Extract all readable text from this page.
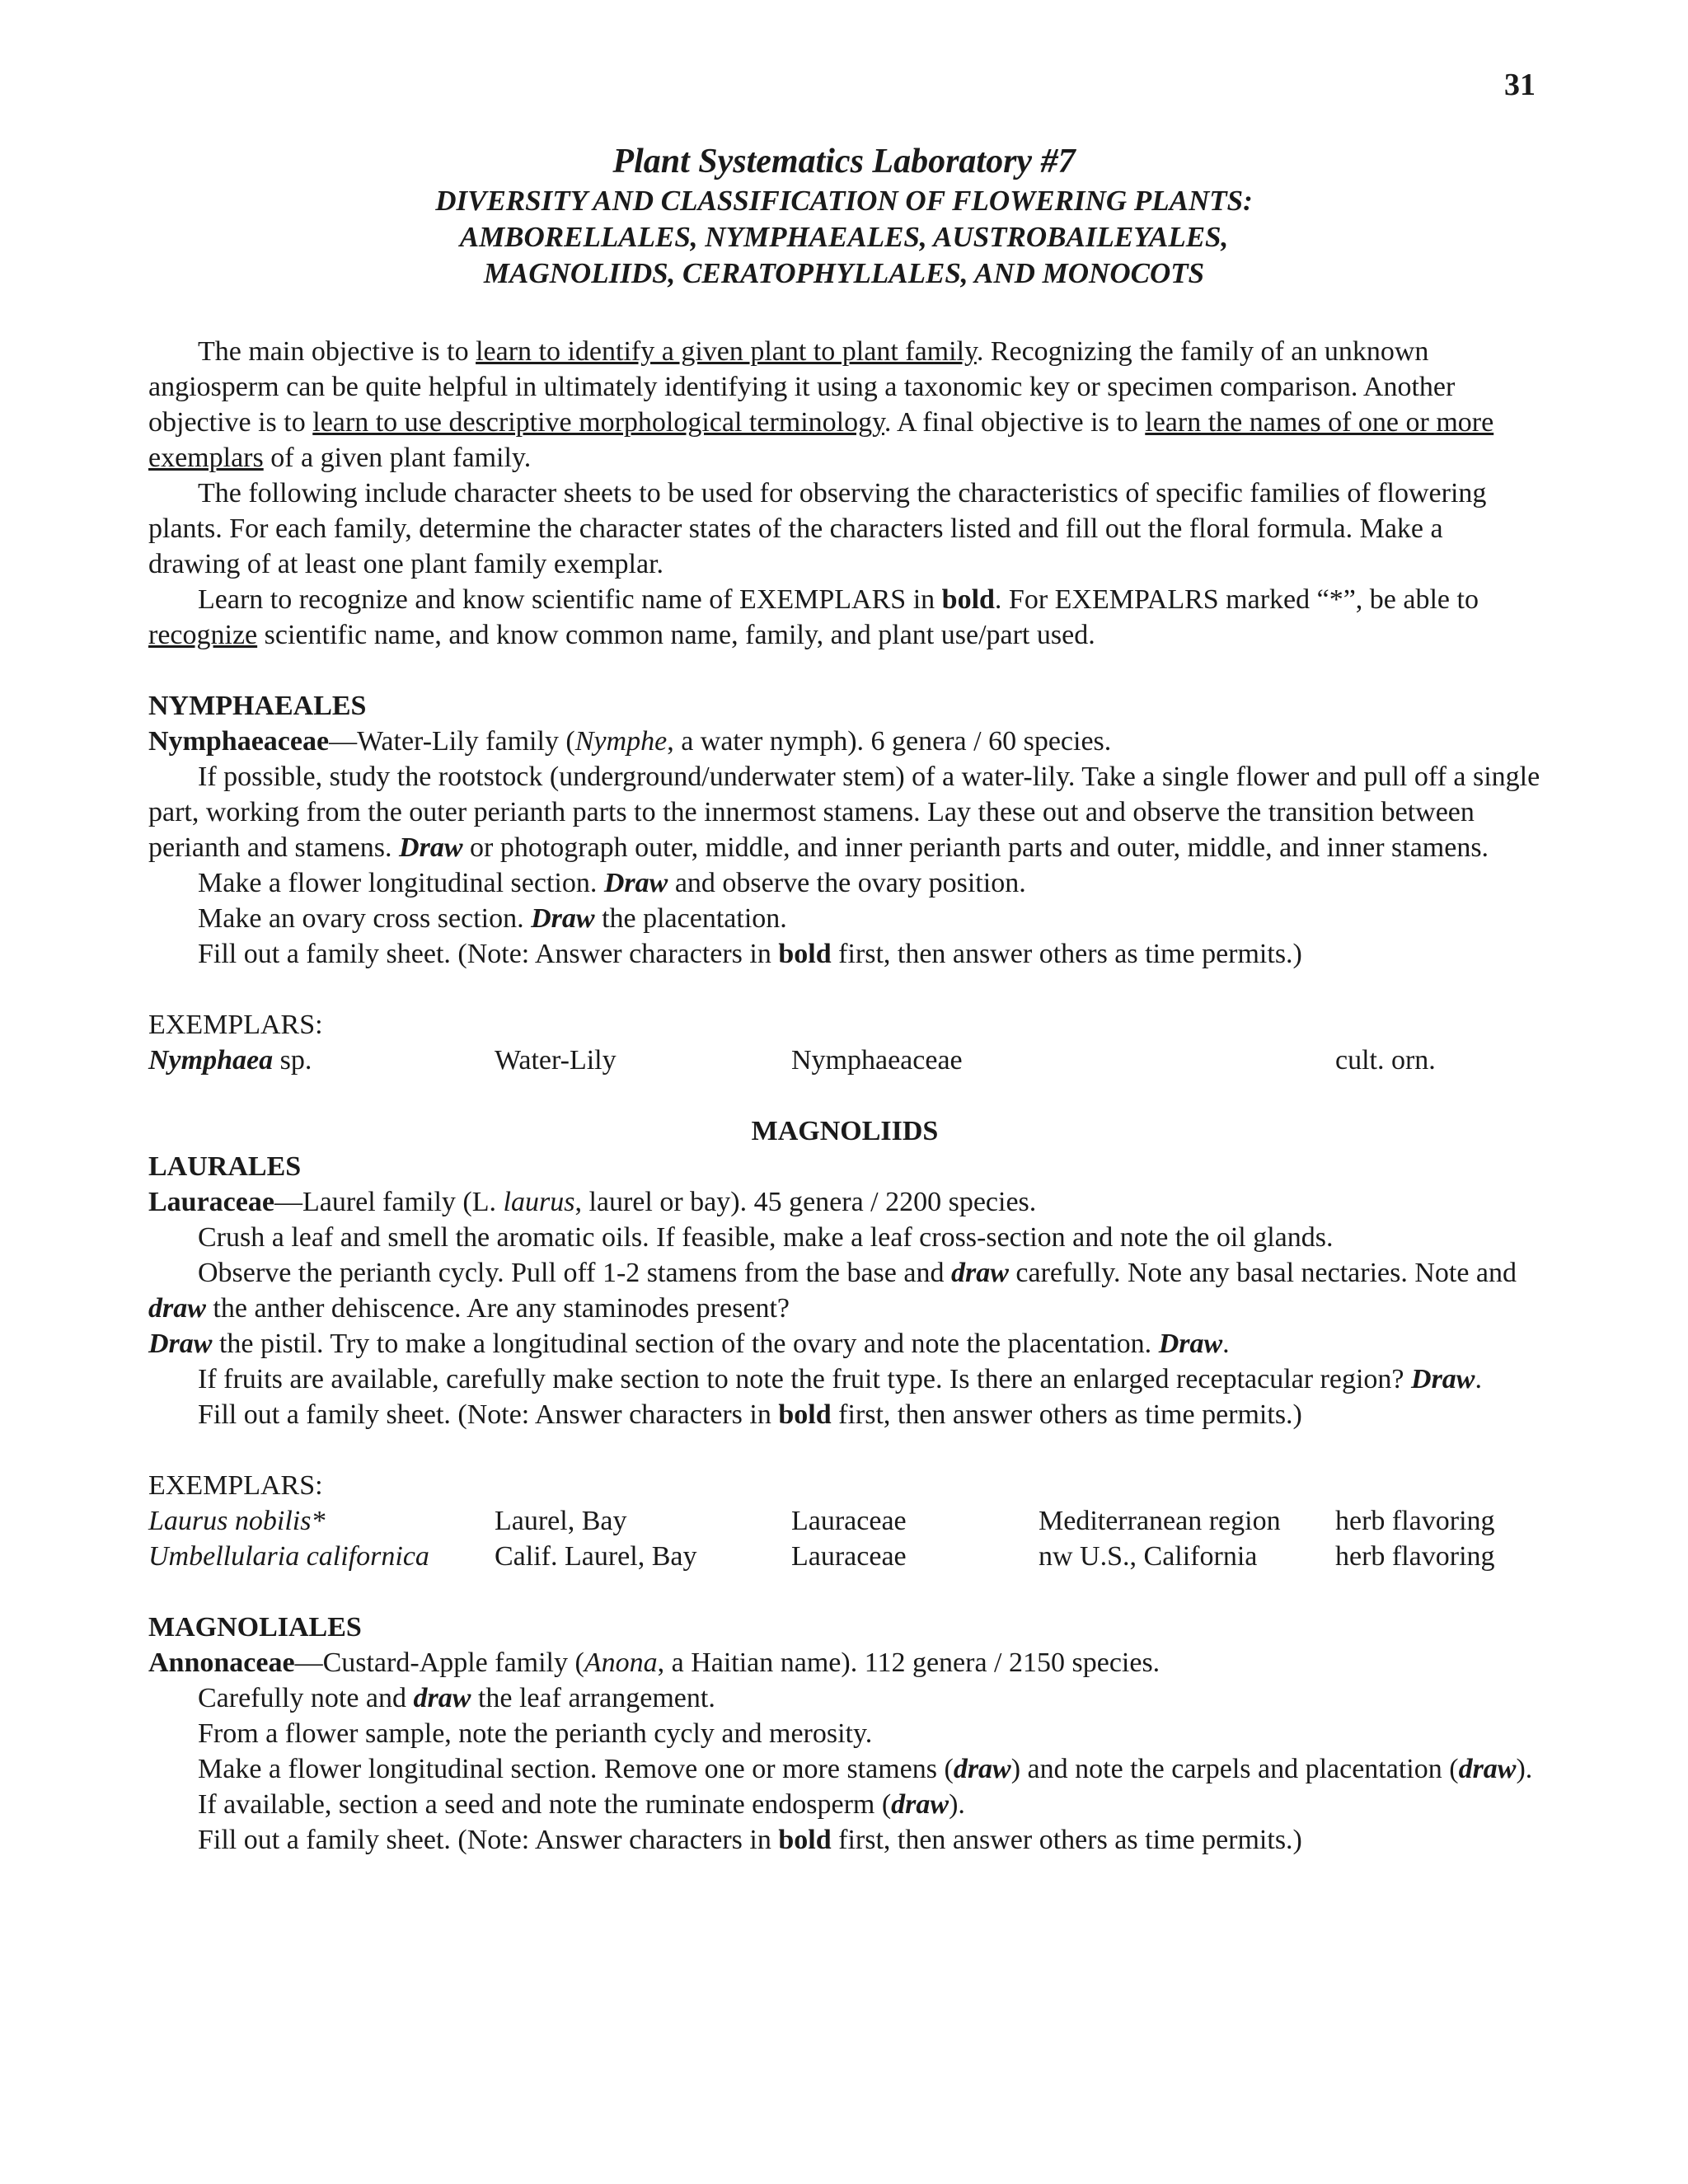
31
Plant Systematics Laboratory #7
DIVERSITY AND CLASSIFICATION OF FLOWERING PLANTS:
AMBORELLALES, NYMPHAEALES, AUSTROBAILEYALES,
MAGNOLIIDS, CERATOPHYLLALES, AND MONOCOTS

The main objective is to learn to identify a given plant to plant family. Recognizing the family of an unknown angiosperm can be quite helpful in ultimately identifying it using a taxonomic key or specimen comparison. Another objective is to learn to use descriptive morphological terminology. A final objective is to learn the names of one or more exemplars of a given plant family.

The following include character sheets to be used for observing the characteristics of specific families of flowering plants. For each family, determine the character states of the characters listed and fill out the floral formula. Make a drawing of at least one plant family exemplar.

Learn to recognize and know scientific name of EXEMPLARS in bold. For EXEMPALRS marked “*”, be able to recognize scientific name, and know common name, family, and plant use/part used.

NYMPHAEALES

Nymphaeaceae—Water-Lily family (Nymphe, a water nymph). 6 genera / 60 species.

If possible, study the rootstock (underground/underwater stem) of a water-lily. Take a single flower and pull off a single part, working from the outer perianth parts to the innermost stamens. Lay these out and observe the transition between perianth and stamens. Draw or photograph outer, middle, and inner perianth parts and outer, middle, and inner stamens.

Make a flower longitudinal section. Draw and observe the ovary position.

Make an ovary cross section. Draw the placentation.

Fill out a family sheet. (Note: Answer characters in bold first, then answer others as time permits.)

EXEMPLARS:

Nymphaea sp.	Water-Lily	Nymphaeaceae	cult. orn.

MAGNOLIIDS

LAURALES

Lauraceae—Laurel family (L. laurus, laurel or bay). 45 genera / 2200 species.

Crush a leaf and smell the aromatic oils. If feasible, make a leaf cross-section and note the oil glands.

Observe the perianth cycly. Pull off 1-2 stamens from the base and draw carefully. Note any basal nectaries. Note and draw the anther dehiscence. Are any staminodes present?

Draw the pistil. Try to make a longitudinal section of the ovary and note the placentation. Draw.

If fruits are available, carefully make section to note the fruit type. Is there an enlarged receptacular region? Draw.

Fill out a family sheet. (Note: Answer characters in bold first, then answer others as time permits.)

EXEMPLARS:

Laurus nobilis*	Laurel, Bay	Lauraceae	Mediterranean region	herb flavoring
Umbellularia californica	Calif. Laurel, Bay	Lauraceae	nw U.S., California	herb flavoring

MAGNOLIALES

Annonaceae—Custard-Apple family (Anona, a Haitian name). 112 genera / 2150 species.

Carefully note and draw the leaf arrangement.

From a flower sample, note the perianth cycly and merosity.

Make a flower longitudinal section. Remove one or more stamens (draw) and note the carpels and placentation (draw).

If available, section a seed and note the ruminate endosperm (draw).

Fill out a family sheet. (Note: Answer characters in bold first, then answer others as time permits.)
